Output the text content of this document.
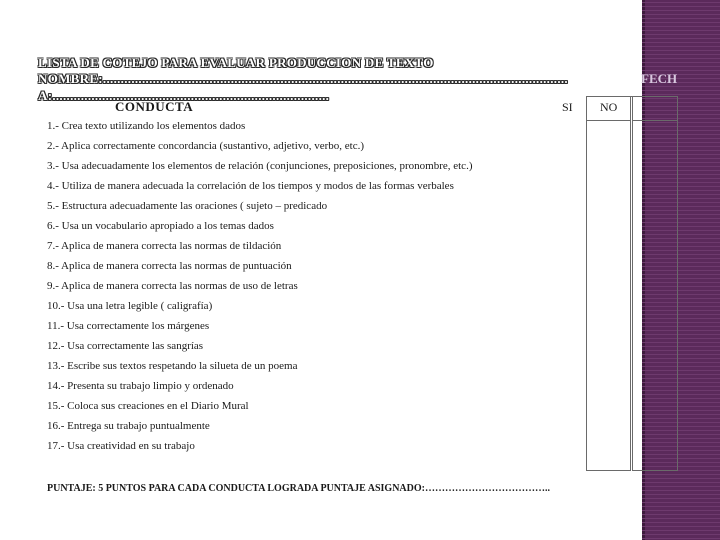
LISTA DE COTEJO PARA EVALUAR PRODUCCION DE TEXTO
NOMBRE:...................................................................................................................................	FECH
A:..............................................................................
CONDUCTA	SI NO
1.- Crea texto utilizando los elementos dados
2.- Aplica correctamente concordancia (sustantivo, adjetivo, verbo, etc.)
3.- Usa adecuadamente los elementos de relación (conjunciones, preposiciones, pronombre, etc.)
4.- Utiliza de manera adecuada la correlación de los tiempos y modos de las formas verbales
5.- Estructura adecuadamente las oraciones ( sujeto – predicado
6.- Usa un vocabulario apropiado a los temas dados
7.- Aplica de manera correcta las normas de tildación
8.- Aplica de manera correcta las normas de puntuación
9.- Aplica de manera correcta las normas de uso de letras
10.- Usa una letra legible ( caligrafía)
11.- Usa correctamente los márgenes
12.- Usa correctamente las sangrías
13.- Escribe sus textos respetando la silueta de un poema
14.- Presenta su trabajo limpio y ordenado
15.- Coloca sus creaciones en el Diario Mural
16.- Entrega su trabajo puntualmente
17.- Usa creatividad en su trabajo
PUNTAJE: 5 PUNTOS PARA CADA CONDUCTA LOGRADA PUNTAJE ASIGNADO:………………………………..
